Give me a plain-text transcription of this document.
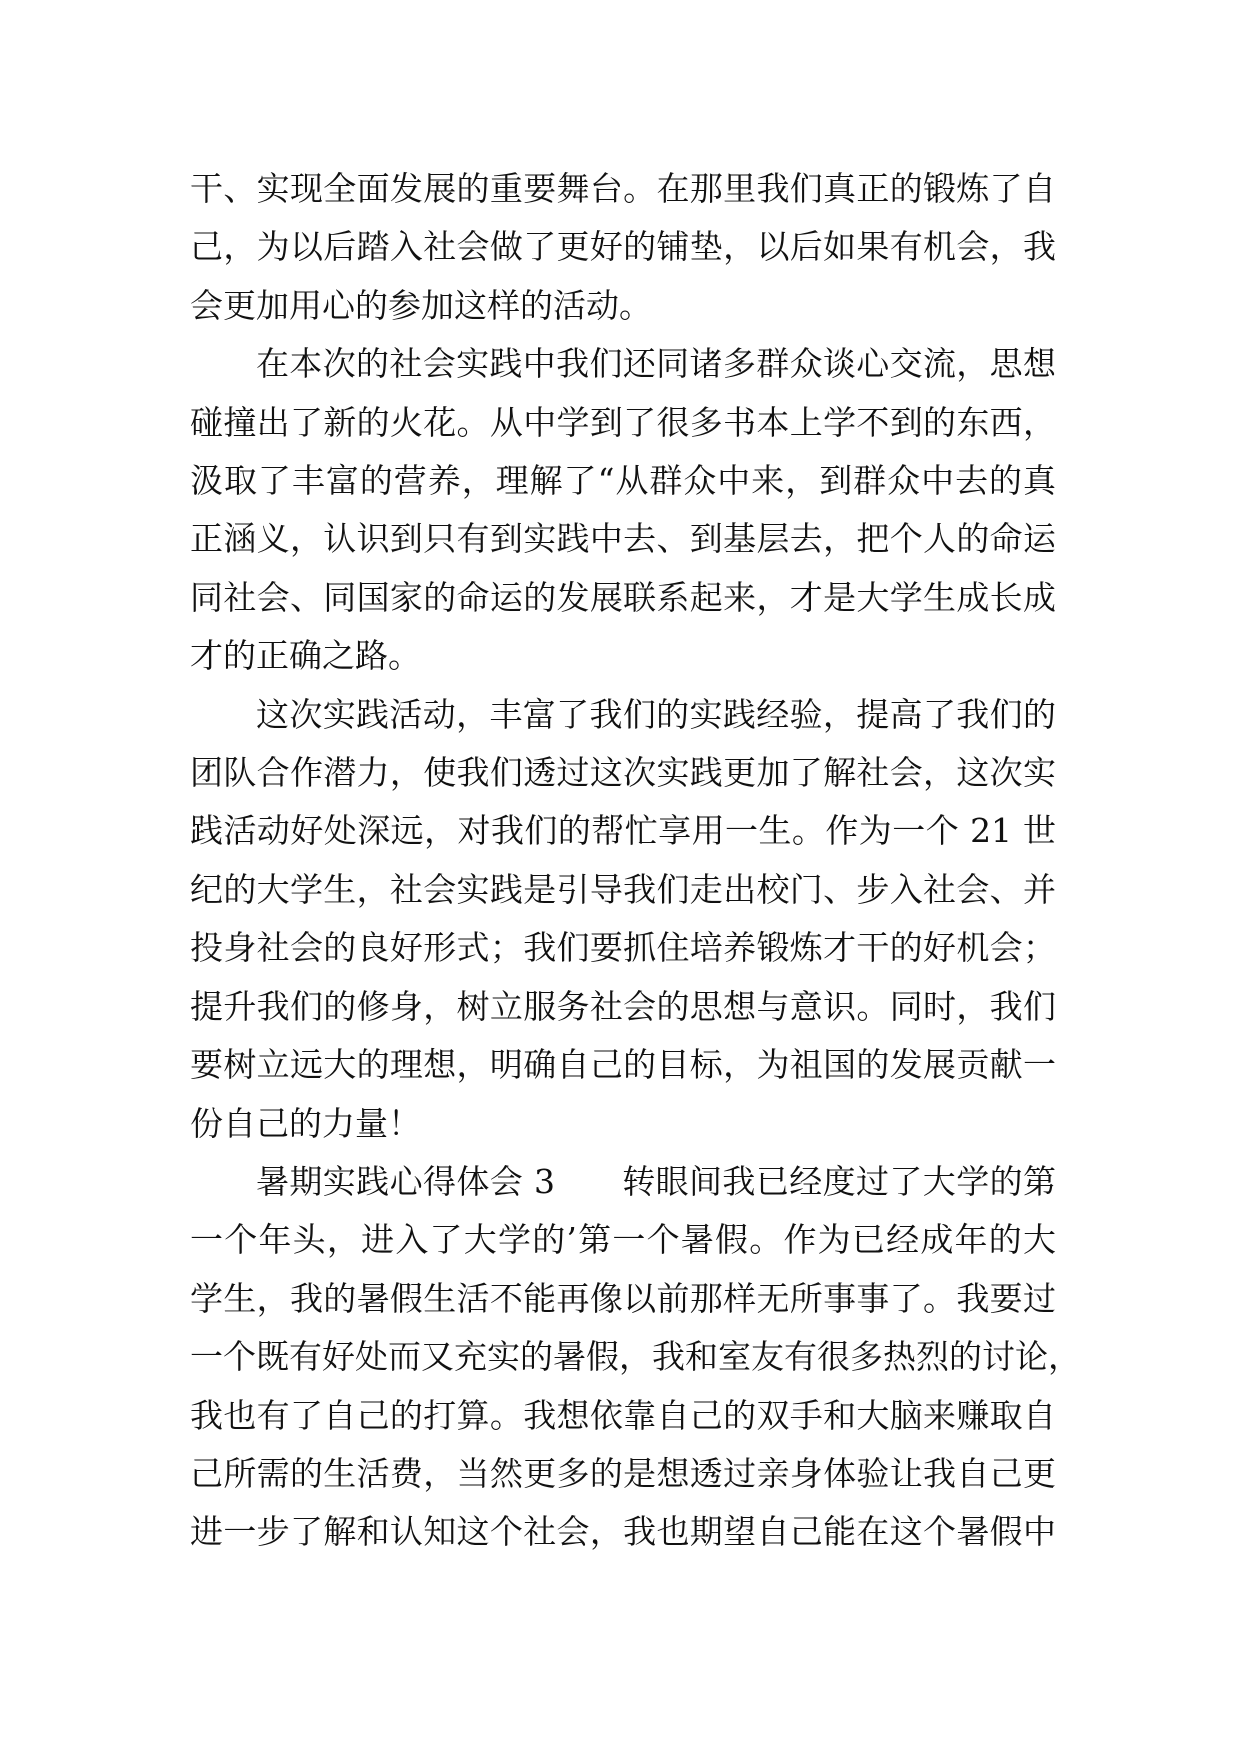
干、实现全面发展的重要舞台。在那里我们真正的锻炼了自
己，为以后踏入社会做了更好的铺垫，以后如果有机会，我
会更加用心的参加这样的活动。

在本次的社会实践中我们还同诸多群众谈心交流，思想
碰撞出了新的火花。从中学到了很多书本上学不到的东西，
汲取了丰富的营养，理解了“从群众中来，到群众中去的真
正涵义，认识到只有到实践中去、到基层去，把个人的命运
同社会、同国家的命运的发展联系起来，才是大学生成长成
才的正确之路。

这次实践活动，丰富了我们的实践经验，提高了我们的
团队合作潜力，使我们透过这次实践更加了解社会，这次实
践活动好处深远，对我们的帮忙享用一生。作为一个 21 世
纪的大学生，社会实践是引导我们走出校门、步入社会、并
投身社会的良好形式；我们要抓住培养锻炼才干的好机会；
提升我们的修身，树立服务社会的思想与意识。同时，我们
要树立远大的理想，明确自己的目标，为祖国的发展贡献一
份自己的力量！

暑期实践心得体会 3　　转眼间我已经度过了大学的第
一个年头，进入了大学的’第一个暑假。作为已经成年的大
学生，我的暑假生活不能再像以前那样无所事事了。我要过
一个既有好处而又充实的暑假，我和室友有很多热烈的讨论，
我也有了自己的打算。我想依靠自己的双手和大脑来赚取自
己所需的生活费，当然更多的是想透过亲身体验让我自己更
进一步了解和认知这个社会，我也期望自己能在这个暑假中
